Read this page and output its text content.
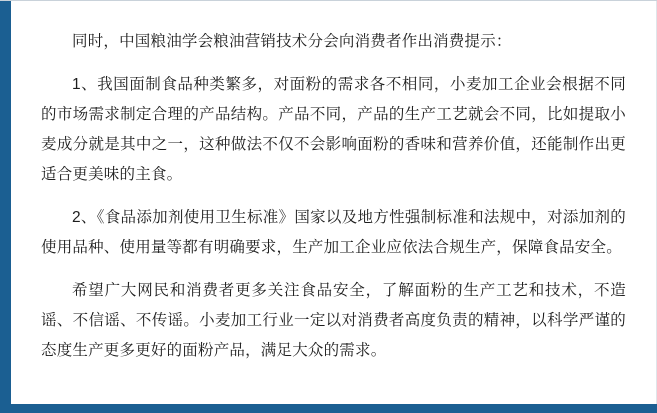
同时，中国粮油学会粮油营销技术分会向消费者作出消费提示：

1、我国面制食品种类繁多，对面粉的需求各不相同，小麦加工企业会根据不同的市场需求制定合理的产品结构。产品不同，产品的生产工艺就会不同，比如提取小麦成分就是其中之一，这种做法不仅不会影响面粉的香味和营养价值，还能制作出更适合更美味的主食。

2、《食品添加剂使用卫生标准》国家以及地方性强制标准和法规中，对添加剂的使用品种、使用量等都有明确要求，生产加工企业应依法合规生产，保障食品安全。

希望广大网民和消费者更多关注食品安全，了解面粉的生产工艺和技术，不造谣、不信谣、不传谣。小麦加工行业一定以对消费者高度负责的精神，以科学严谨的态度生产更多更好的面粉产品，满足大众的需求。
